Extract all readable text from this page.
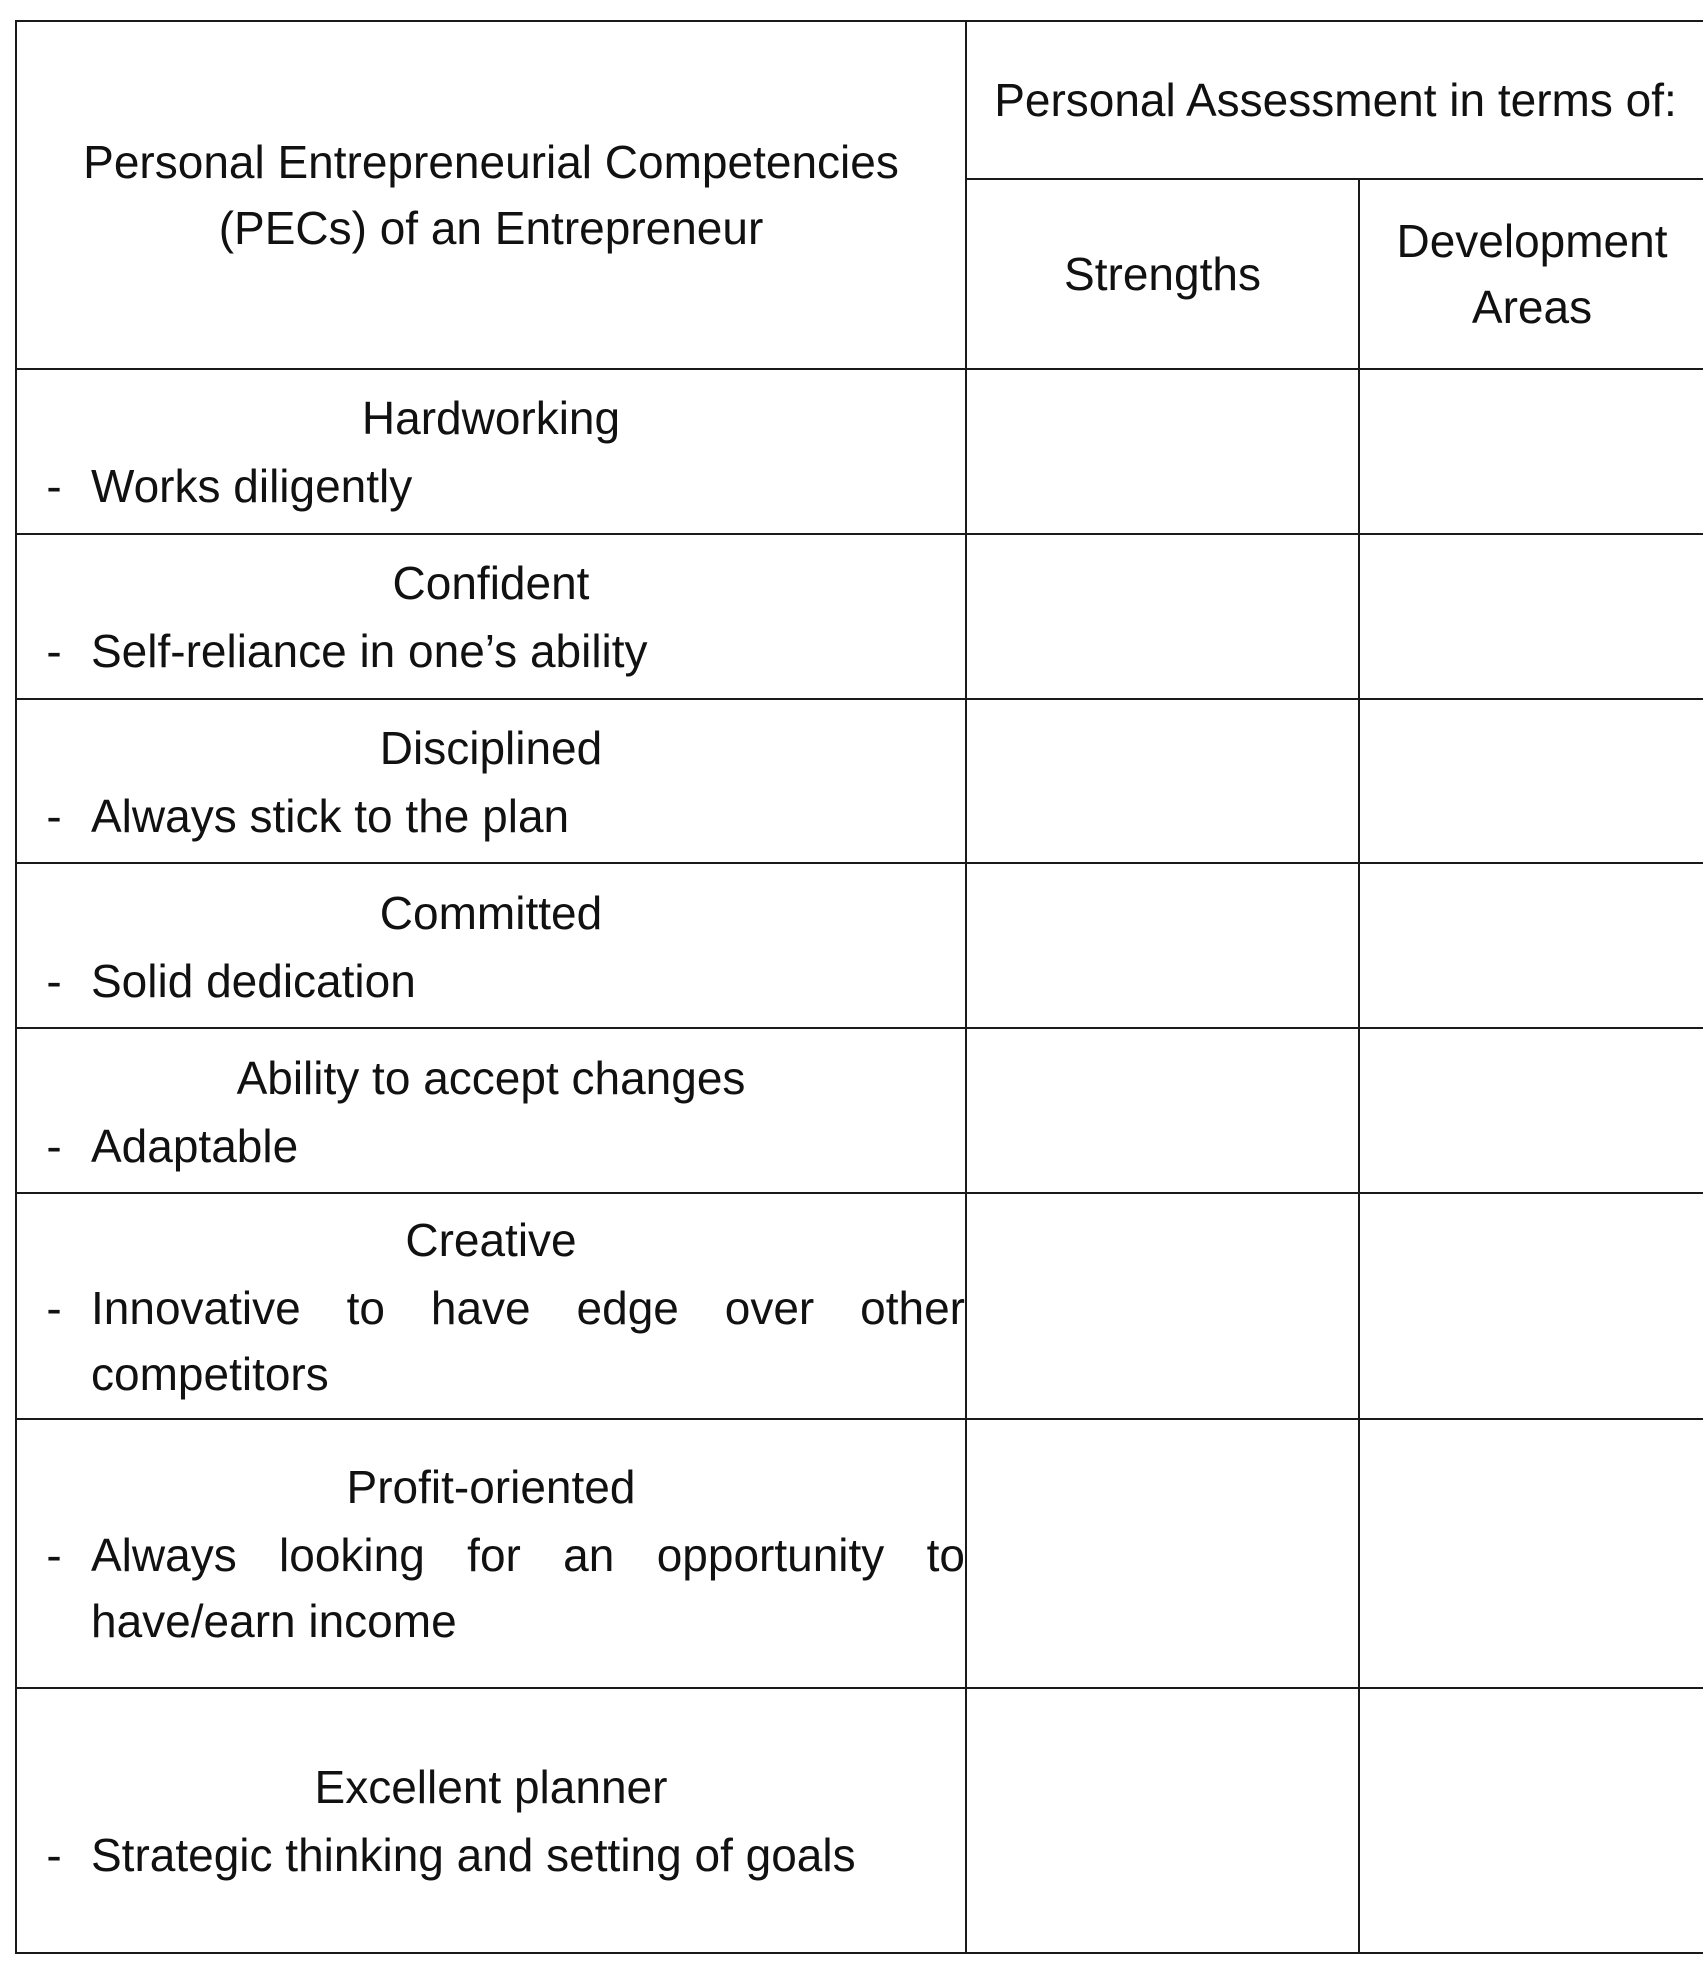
Personal Entrepreneurial Competencies (PECs) of an Entrepreneur	Personal Assessment in terms of:	
	Strengths	Development Areas

Hardworking
- Works diligently		

Confident
- Self-reliance in one’s ability		

Disciplined
- Always stick to the plan		

Committed
- Solid dedication		

Ability to accept changes
- Adaptable		

Creative
- Innovative to have edge over other competitors		

Profit-oriented
- Always looking for an opportunity to have/earn income		

Excellent planner
- Strategic thinking and setting of goals		
